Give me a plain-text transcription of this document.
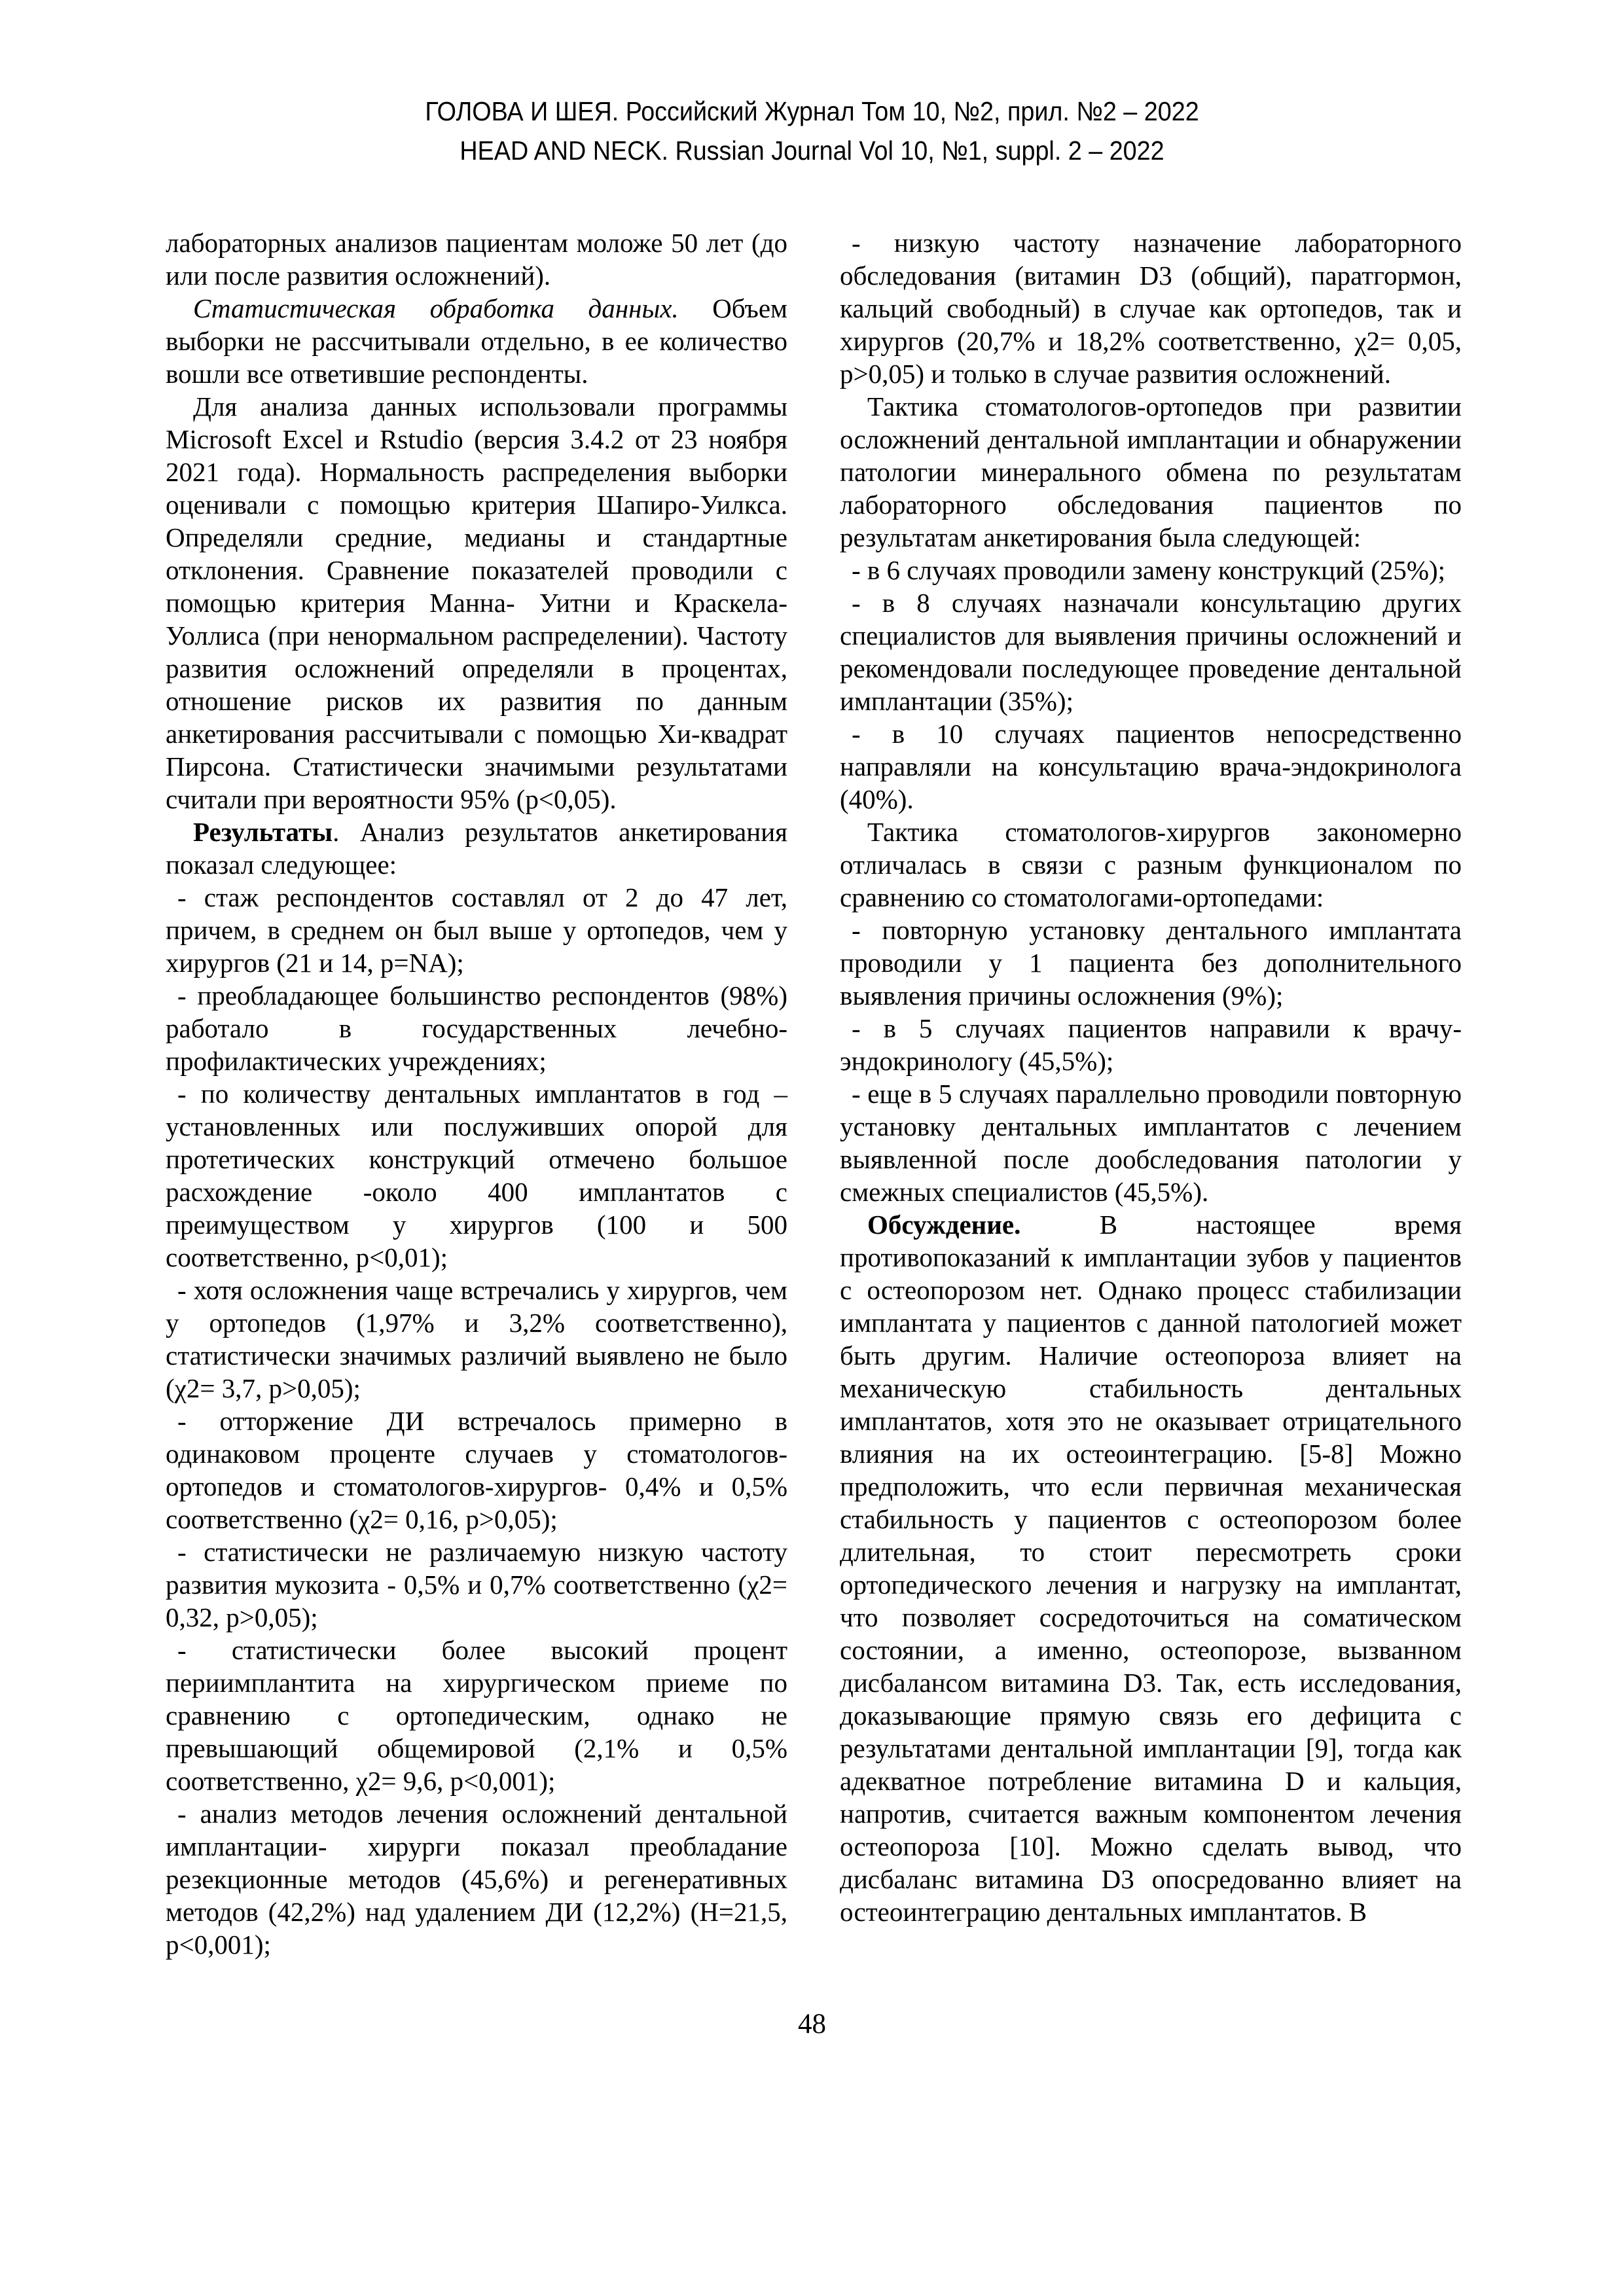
ГОЛОВА И ШЕЯ. Российский Журнал Том 10, №2, прил. №2 – 2022
HEAD AND NECK. Russian Journal Vol 10, №1, suppl. 2 – 2022

лабораторных анализов пациентам моложе 50 лет (до или после развития осложнений).

Статистическая обработка данных. Объем выборки не рассчитывали отдельно, в ее количество вошли все ответившие респонденты.

Для анализа данных использовали программы Microsoft Excel и Rstudio (версия 3.4.2 от 23 ноября 2021 года). Нормальность распределения выборки оценивали с помощью критерия Шапиро-Уилкса. Определяли средние, медианы и стандартные отклонения. Сравнение показателей проводили с помощью критерия Манна- Уитни и Краскела-Уоллиса (при ненормальном распределении). Частоту развития осложнений определяли в процентах, отношение рисков их развития по данным анкетирования рассчитывали с помощью Хи-квадрат Пирсона. Статистически значимыми результатами считали при вероятности 95% (p<0,05).

Результаты. Анализ результатов анкетирования показал следующее:

- стаж респондентов составлял от 2 до 47 лет, причем, в среднем он был выше у ортопедов, чем у хирургов (21 и 14, p=NA);

- преобладающее большинство респондентов (98%) работало в государственных лечебно-профилактических учреждениях;

- по количеству дентальных имплантатов в год – установленных или послуживших опорой для протетических конструкций отмечено большое расхождение -около 400 имплантатов с преимуществом у хирургов (100 и 500 соответственно, p<0,01);

- хотя осложнения чаще встречались у хирургов, чем у ортопедов (1,97% и 3,2% соответственно), статистически значимых различий выявлено не было (χ2= 3,7, p>0,05);

- отторжение ДИ встречалось примерно в одинаковом проценте случаев у стоматологов-ортопедов и стоматологов-хирургов- 0,4% и 0,5% соответственно (χ2= 0,16, p>0,05);

- статистически не различаемую низкую частоту развития мукозита - 0,5% и 0,7% соответственно (χ2= 0,32, p>0,05);

- статистически более высокий процент периимплантита на хирургическом приеме по сравнению с ортопедическим, однако не превышающий общемировой (2,1% и 0,5% соответственно, χ2= 9,6, p<0,001);

- анализ методов лечения осложнений дентальной имплантации- хирурги показал преобладание резекционные методов (45,6%) и регенеративных методов (42,2%) над удалением ДИ (12,2%) (H=21,5, p<0,001);

- низкую частоту назначение лабораторного обследования (витамин D3 (общий), паратгормон, кальций свободный) в случае как ортопедов, так и хирургов (20,7% и 18,2% соответственно, χ2= 0,05, p>0,05) и только в случае развития осложнений.

Тактика стоматологов-ортопедов при развитии осложнений дентальной имплантации и обнаружении патологии минерального обмена по результатам лабораторного обследования пациентов по результатам анкетирования была следующей:

- в 6 случаях проводили замену конструкций (25%);

- в 8 случаях назначали консультацию других специалистов для выявления причины осложнений и рекомендовали последующее проведение дентальной имплантации (35%);

- в 10 случаях пациентов непосредственно направляли на консультацию врача-эндокринолога (40%).

Тактика стоматологов-хирургов закономерно отличалась в связи с разным функционалом по сравнению со стоматологами-ортопедами:

- повторную установку дентального имплантата проводили у 1 пациента без дополнительного выявления причины осложнения (9%);

- в 5 случаях пациентов направили к врачу-эндокринологу (45,5%);

- еще в 5 случаях параллельно проводили повторную установку дентальных имплантатов с лечением выявленной после дообследования патологии у смежных специалистов (45,5%).

Обсуждение. В настоящее время противопоказаний к имплантации зубов у пациентов с остеопорозом нет. Однако процесс стабилизации имплантата у пациентов с данной патологией может быть другим. Наличие остеопороза влияет на механическую стабильность дентальных имплантатов, хотя это не оказывает отрицательного влияния на их остеоинтеграцию. [5-8] Можно предположить, что если первичная механическая стабильность у пациентов с остеопорозом более длительная, то стоит пересмотреть сроки ортопедического лечения и нагрузку на имплантат, что позволяет сосредоточиться на соматическом состоянии, а именно, остеопорозе, вызванном дисбалансом витамина D3. Так, есть исследования, доказывающие прямую связь его дефицита с результатами дентальной имплантации [9], тогда как адекватное потребление витамина D и кальция, напротив, считается важным компонентом лечения остеопороза [10]. Можно сделать вывод, что дисбаланс витамина D3 опосредованно влияет на остеоинтеграцию дентальных имплантатов. В

48
